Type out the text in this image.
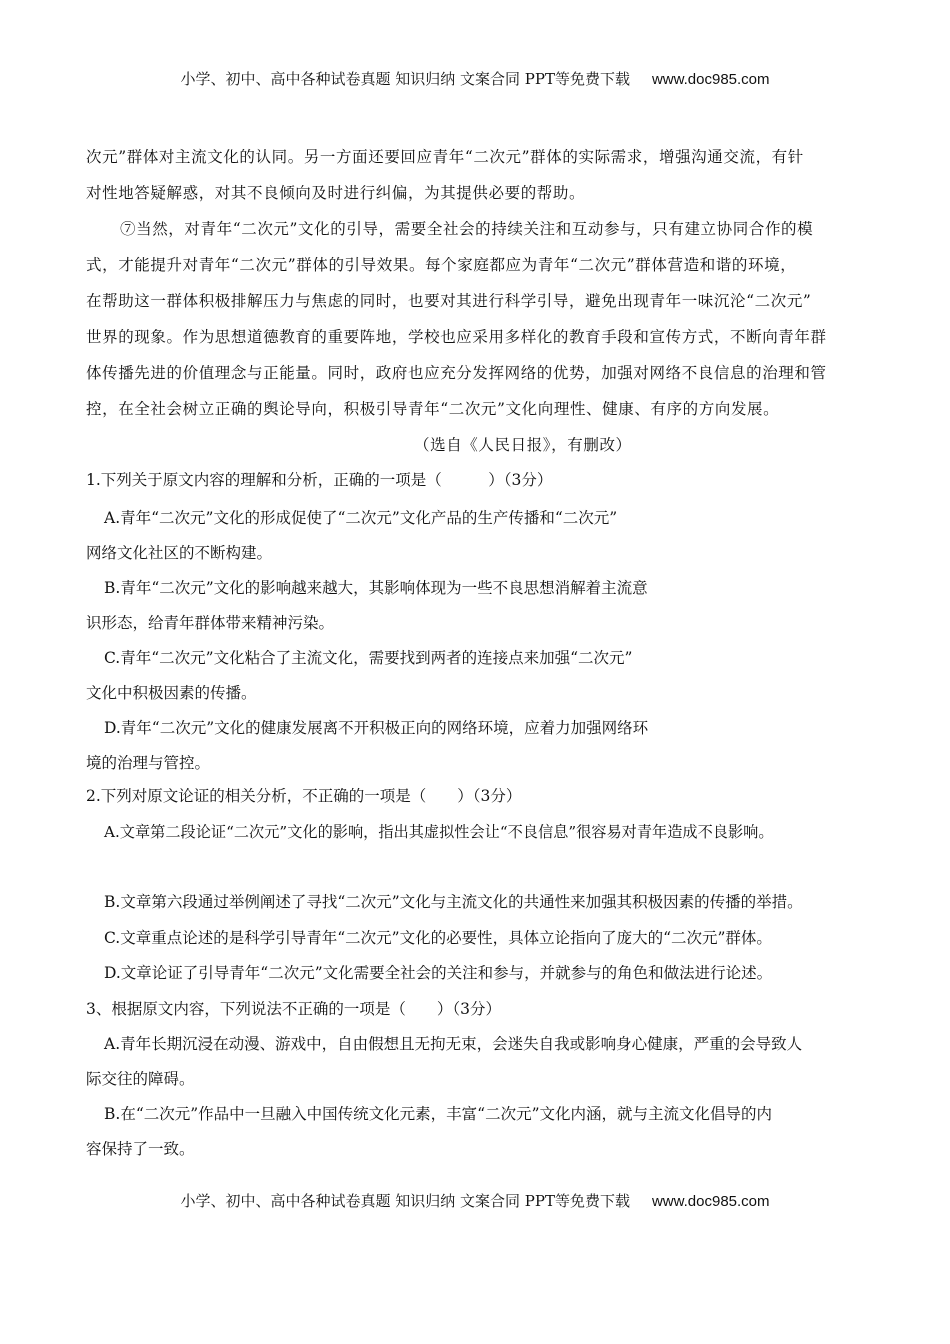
小学、初中、高中各种试卷真题 知识归纳 文案合同 PPT等免费下载 www.doc985.com
次元”群体对主流文化的认同。另一方面还要回应青年“二次元”群体的实际需求，增强沟通交流，有针
对性地答疑解惑，对其不良倾向及时进行纠偏，为其提供必要的帮助。
⑦当然，对青年“二次元”文化的引导，需要全社会的持续关注和互动参与，只有建立协同合作的模
式，才能提升对青年“二次元”群体的引导效果。每个家庭都应为青年“二次元”群体营造和谐的环境，
在帮助这一群体积极排解压力与焦虑的同时，也要对其进行科学引导，避免出现青年一味沉沦“二次元”
世界的现象。作为思想道德教育的重要阵地，学校也应采用多样化的教育手段和宣传方式，不断向青年群
体传播先进的价值理念与正能量。同时，政府也应充分发挥网络的优势，加强对网络不良信息的治理和管
控，在全社会树立正确的舆论导向，积极引导青年“二次元”文化向理性、健康、有序的方向发展。
（选自《人民日报》，有删改）
1.下列关于原文内容的理解和分析，正确的一项是（　　　）（3分）
A.青年“二次元”文化的形成促使了“二次元”文化产品的生产传播和“二次元”
网络文化社区的不断构建。
B.青年“二次元”文化的影响越来越大，其影响体现为一些不良思想消解着主流意
识形态，给青年群体带来精神污染。
C.青年“二次元”文化粘合了主流文化，需要找到两者的连接点来加强“二次元”
文化中积极因素的传播。
D.青年“二次元”文化的健康发展离不开积极正向的网络环境，应着力加强网络环
境的治理与管控。
2.下列对原文论证的相关分析，不正确的一项是（　　）（3分）
A.文章第二段论证“二次元”文化的影响，指出其虚拟性会让“不良信息”很容易对青年造成不良影响。
B.文章第六段通过举例阐述了寻找“二次元”文化与主流文化的共通性来加强其积极因素的传播的举措。
C.文章重点论述的是科学引导青年“二次元”文化的必要性，具体立论指向了庞大的“二次元”群体。
D.文章论证了引导青年“二次元”文化需要全社会的关注和参与，并就参与的角色和做法进行论述。
3、根据原文内容，下列说法不正确的一项是（　　）（3分）
A.青年长期沉浸在动漫、游戏中，自由假想且无拘无束，会迷失自我或影响身心健康，严重的会导致人
际交往的障碍。
B.在“二次元”作品中一旦融入中国传统文化元素，丰富“二次元”文化内涵，就与主流文化倡导的内
容保持了一致。
小学、初中、高中各种试卷真题 知识归纳 文案合同 PPT等免费下载 www.doc985.com
